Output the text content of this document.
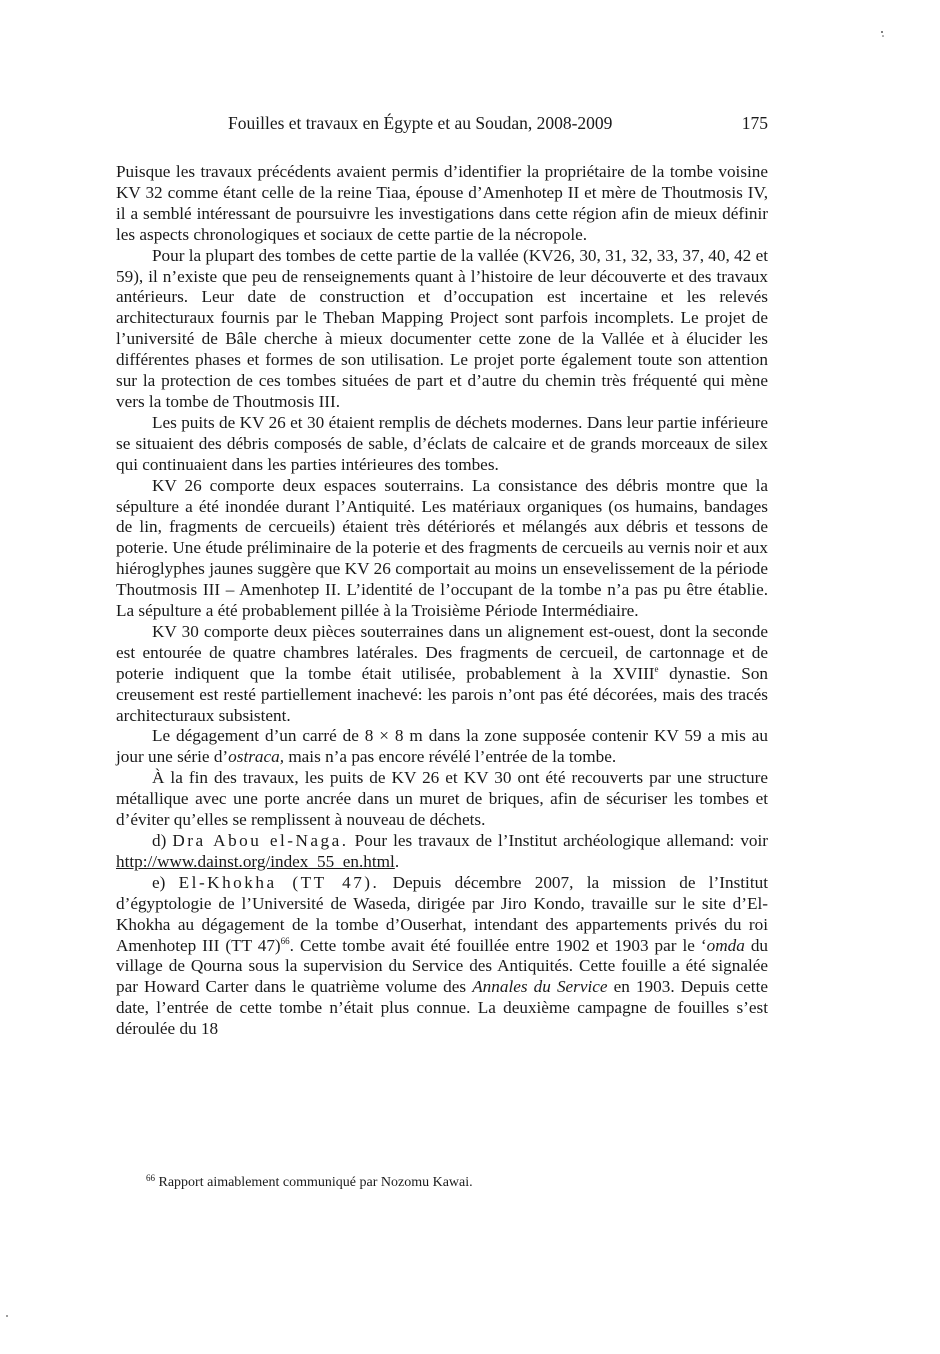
Fouilles et travaux en Égypte et au Soudan, 2008-2009	175

Puisque les travaux précédents avaient permis d’identifier la propriétaire de la tombe voisine KV 32 comme étant celle de la reine Tiaa, épouse d’Amenhotep II et mère de Thoutmosis IV, il a semblé intéressant de poursuivre les investigations dans cette région afin de mieux définir les aspects chronologiques et sociaux de cette partie de la nécropole.

Pour la plupart des tombes de cette partie de la vallée (KV26, 30, 31, 32, 33, 37, 40, 42 et 59), il n’existe que peu de renseignements quant à l’histoire de leur découverte et des travaux antérieurs. Leur date de construction et d’occupation est incertaine et les relevés architecturaux fournis par le Theban Mapping Project sont parfois incomplets. Le projet de l’université de Bâle cherche à mieux documenter cette zone de la Vallée et à élucider les différentes phases et formes de son utilisation. Le projet porte également toute son attention sur la protection de ces tombes situées de part et d’autre du chemin très fréquenté qui mène vers la tombe de Thoutmosis III.

Les puits de KV 26 et 30 étaient remplis de déchets modernes. Dans leur partie inférieure se situaient des débris composés de sable, d’éclats de calcaire et de grands morceaux de silex qui continuaient dans les parties intérieures des tombes.

KV 26 comporte deux espaces souterrains. La consistance des débris montre que la sépulture a été inondée durant l’Antiquité. Les matériaux organiques (os humains, bandages de lin, fragments de cercueils) étaient très détériorés et mélangés aux débris et tessons de poterie. Une étude préliminaire de la poterie et des fragments de cercueils au vernis noir et aux hiéroglyphes jaunes suggère que KV 26 comportait au moins un ensevelissement de la période Thoutmosis III – Amenhotep II. L’identité de l’occupant de la tombe n’a pas pu être établie. La sépulture a été probablement pillée à la Troisième Période Intermédiaire.

KV 30 comporte deux pièces souterraines dans un alignement est-ouest, dont la seconde est entourée de quatre chambres latérales. Des fragments de cercueil, de cartonnage et de poterie indiquent que la tombe était utilisée, probablement à la XVIIIe dynastie. Son creusement est resté partiellement inachevé: les parois n’ont pas été décorées, mais des tracés architecturaux subsistent.

Le dégagement d’un carré de 8 × 8 m dans la zone supposée contenir KV 59 a mis au jour une série d’ostraca, mais n’a pas encore révélé l’entrée de la tombe.

À la fin des travaux, les puits de KV 26 et KV 30 ont été recouverts par une structure métallique avec une porte ancrée dans un muret de briques, afin de sécuriser les tombes et d’éviter qu’elles se remplissent à nouveau de déchets.

d) Dra Abou el-Naga. Pour les travaux de l’Institut archéologique allemand: voir http://www.dainst.org/index_55_en.html.

e) El-Khokha (TT 47). Depuis décembre 2007, la mission de l’Institut d’égyptologie de l’Université de Waseda, dirigée par Jiro Kondo, travaille sur le site d’El-Khokha au dégagement de la tombe d’Ouserhat, intendant des appartements privés du roi Amenhotep III (TT 47)$^{66}$. Cette tombe avait été fouillée entre 1902 et 1903 par le ‘omda du village de Qourna sous la supervision du Service des Antiquités. Cette fouille a été signalée par Howard Carter dans le quatrième volume des Annales du Service en 1903. Depuis cette date, l’entrée de cette tombe n’était plus connue. La deuxième campagne de fouilles s’est déroulée du 18

$^{66}$ Rapport aimablement communiqué par Nozomu Kawai.
